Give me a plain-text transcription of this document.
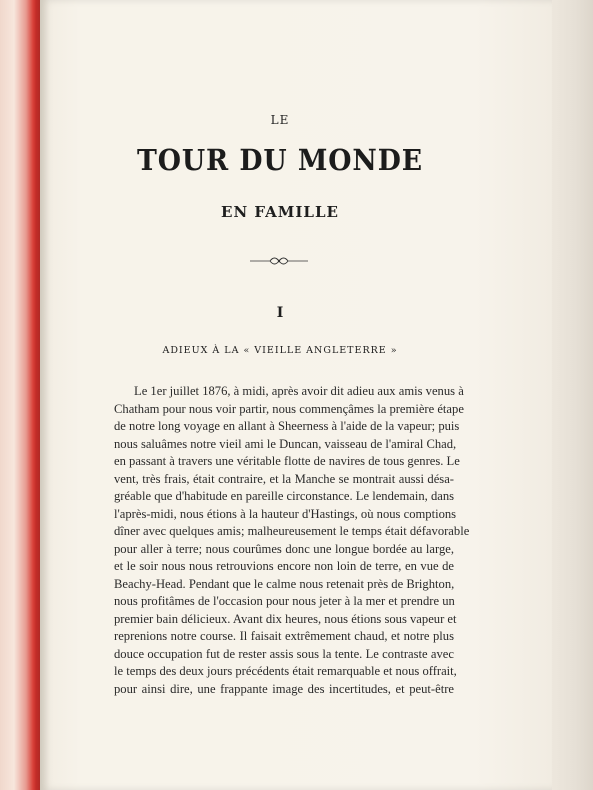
LE
TOUR DU MONDE
EN FAMILLE
I
ADIEUX À LA « VIEILLE ANGLETERRE »
Le 1er juillet 1876, à midi, après avoir dit adieu aux amis venus à
Chatham pour nous voir partir, nous commençâmes la première étape
de notre long voyage en allant à Sheerness à l'aide de la vapeur; puis
nous saluâmes notre vieil ami le Duncan, vaisseau de l'amiral Chad,
en passant à travers une véritable flotte de navires de tous genres. Le
vent, très frais, était contraire, et la Manche se montrait aussi désa-
gréable que d'habitude en pareille circonstance. Le lendemain, dans
l'après-midi, nous étions à la hauteur d'Hastings, où nous comptions
dîner avec quelques amis; malheureusement le temps était défavorable
pour aller à terre; nous courûmes donc une longue bordée au large,
et le soir nous nous retrouvions encore non loin de terre, en vue de
Beachy-Head. Pendant que le calme nous retenait près de Brighton,
nous profitâmes de l'occasion pour nous jeter à la mer et prendre un
premier bain délicieux. Avant dix heures, nous étions sous vapeur et
reprenions notre course. Il faisait extrêmement chaud, et notre plus
douce occupation fut de rester assis sous la tente. Le contraste avec
le temps des deux jours précédents était remarquable et nous offrait,
pour ainsi dire, une frappante image des incertitudes, et peut-être
